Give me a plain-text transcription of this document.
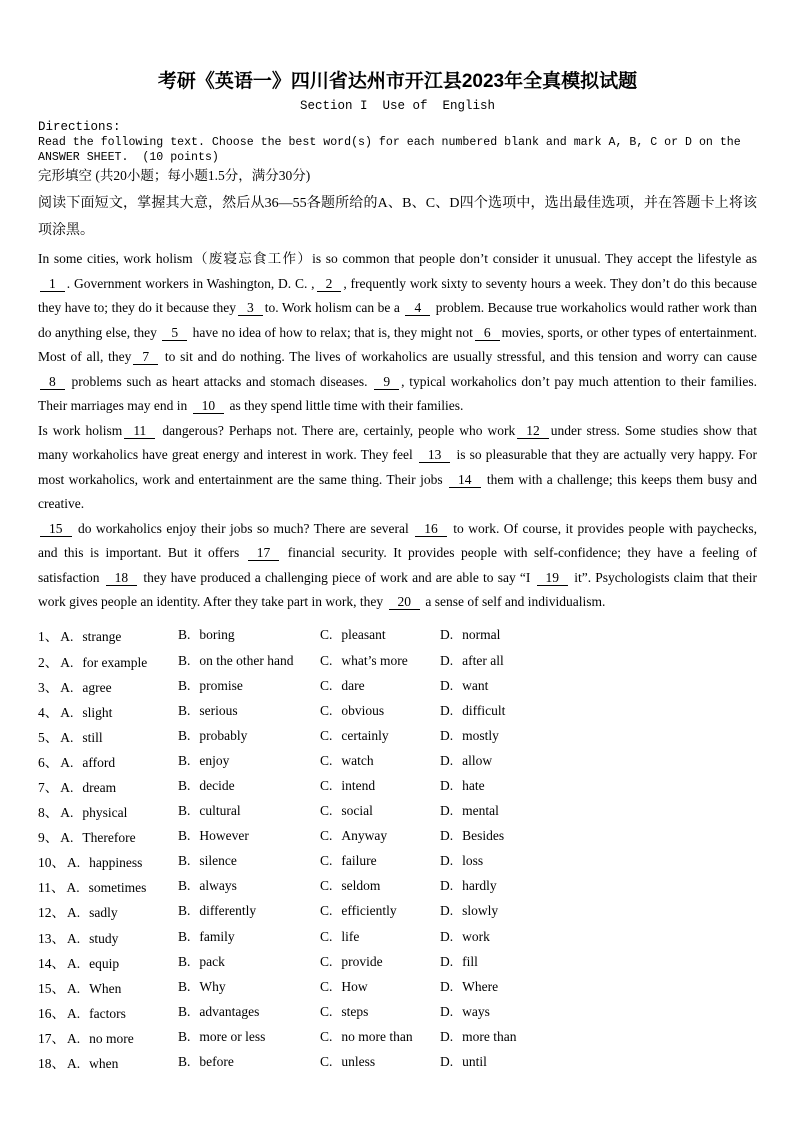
考研《英语一》四川省达州市开江县2023年全真模拟试题
Section I  Use of  English
Directions:
Read the following text. Choose the best word(s) for each numbered blank and mark A, B, C or D on the ANSWER SHEET.  (10 points)
完形填空 (共20小题；每小题1.5分，满分30分)
阅读下面短文，掌握其大意，然后从36—55各题所给的A、B、C、D四个选项中，选出最佳选项，并在答题卡上将该项涂黑。

In some cities, work holism（废寝忘食工作）is so common that people don’t consider it unusual. They accept the lifestyle as 1 . Government workers in Washington, D. C. , 2 , frequently work sixty to seventy hours a week. They don’t do this because they have to; they do it because they 3 to. Work holism can be a 4 problem. Because true workaholics would rather work than do anything else, they 5 have no idea of how to relax; that is, they might not 6 movies, sports, or other types of entertainment. Most of all, they 7 to sit and do nothing. The lives of workaholics are usually stressful, and this tension and worry can cause 8 problems such as heart attacks and stomach diseases. 9 , typical workaholics don’t pay much attention to their families. Their marriages may end in 10 as they spend little time with their families.

Is work holism 11 dangerous? Perhaps not. There are, certainly, people who work 12 under stress. Some studies show that many workaholics have great energy and interest in work. They feel 13 is so pleasurable that they are actually very happy. For most workaholics, work and entertainment are the same thing. Their jobs 14 them with a challenge; this keeps them busy and creative.

15 do workaholics enjoy their jobs so much? There are several 16 to work. Of course, it provides people with paychecks, and this is important. But it offers 17 financial security. It provides people with self-confidence; they have a feeling of satisfaction 18 they have produced a challenging piece of work and are able to say “I 19 it”. Psychologists claim that their work gives people an identity. After they take part in work, they 20 a sense of self and individualism.

1、 A. strange	B. boring	C. pleasant	D. normal
2、 A. for example	B. on the other hand	C. what’s more	D. after all
3、 A. agree	B. promise	C. dare	D. want
4、 A. slight	B. serious	C. obvious	D. difficult
5、 A. still	B. probably	C. certainly	D. mostly
6、 A. afford	B. enjoy	C. watch	D. allow
7、 A. dream	B. decide	C. intend	D. hate
8、 A. physical	B. cultural	C. social	D. mental
9、 A. Therefore	B. However	C. Anyway	D. Besides
10、 A. happiness	B. silence	C. failure	D. loss
11、 A. sometimes	B. always	C. seldom	D. hardly
12、 A. sadly	B. differently	C. efficiently	D. slowly
13、 A. study	B. family	C. life	D. work
14、 A. equip	B. pack	C. provide	D. fill
15、 A. When	B. Why	C. How	D. Where
16、 A. factors	B. advantages	C. steps	D. ways
17、 A. no more	B. more or less	C. no more than	D. more than
18、 A. when	B. before	C. unless	D. until
